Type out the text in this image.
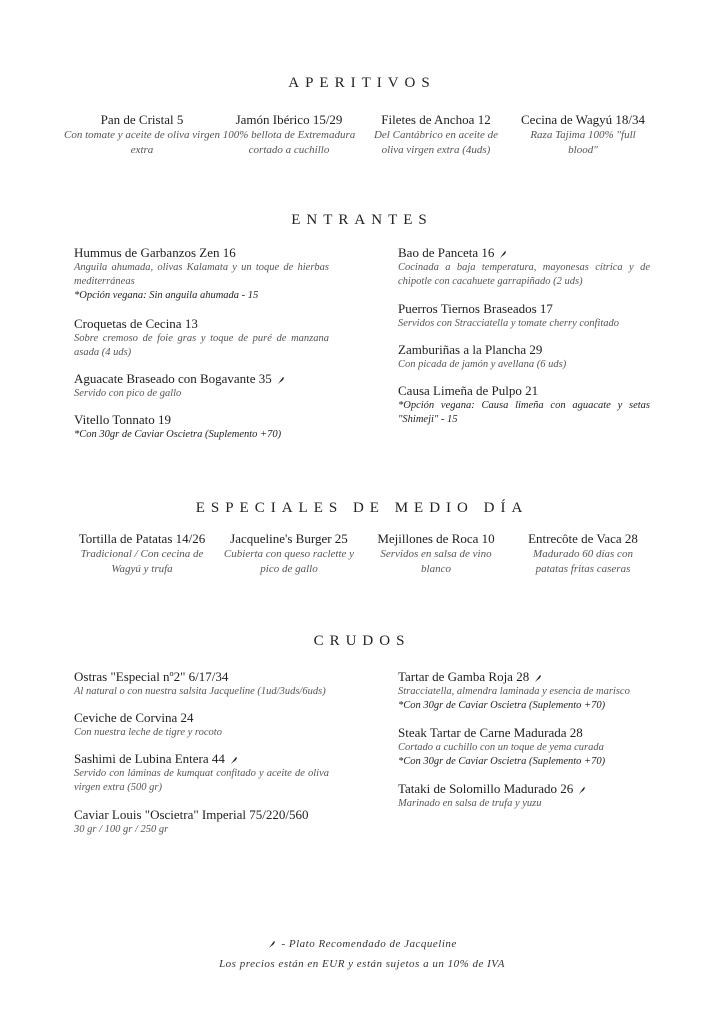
APERITIVOS
Pan de Cristal 5
Con tomate y aceite de oliva virgen extra
Jamón Ibérico 15/29
100% bellota de Extremadura cortado a cuchillo
Filetes de Anchoa 12
Del Cantábrico en aceite de oliva virgen extra (4uds)
Cecina de Wagyú 18/34
Raza Tajima 100% "full blood"
ENTRANTES
Hummus de Garbanzos Zen 16
Anguila ahumada, olivas Kalamata y un toque de hierbas mediterráneas
*Opción vegana: Sin anguila ahumada - 15
Croquetas de Cecina 13
Sobre cremoso de foie gras y toque de puré de manzana asada (4 uds)
Aguacate Braseado con Bogavante 35
Servido con pico de gallo
Vitello Tonnato 19
*Con 30gr de Caviar Oscietra (Suplemento +70)
Bao de Panceta 16
Cocinada a baja temperatura, mayonesas cítrica y de chipotle con cacahuete garrapiñado (2 uds)
Puerros Tiernos Braseados 17
Servidos con Stracciatella y tomate cherry confitado
Zamburiñas a la Plancha 29
Con picada de jamón y avellana (6 uds)
Causa Limeña de Pulpo 21
*Opción vegana: Causa limeña con aguacate y setas "Shimeji" - 15
ESPECIALES DE MEDIO DÍA
Tortilla de Patatas 14/26
Tradicional / Con cecina de Wagyú y trufa
Jacqueline's Burger 25
Cubierta con queso raclette y pico de gallo
Mejillones de Roca 10
Servidos en salsa de vino blanco
Entrecôte de Vaca 28
Madurado 60 días con patatas fritas caseras
CRUDOS
Ostras "Especial nº2" 6/17/34
Al natural o con nuestra salsita Jacqueline (1ud/3uds/6uds)
Ceviche de Corvina 24
Con nuestra leche de tigre y rocoto
Sashimi de Lubina Entera 44
Servido con láminas de kumquat confitado y aceite de oliva virgen extra (500 gr)
Caviar Louis "Oscietra" Imperial 75/220/560
30 gr / 100 gr / 250 gr
Tartar de Gamba Roja 28
Stracciatella, almendra laminada y esencia de marisco
*Con 30gr de Caviar Oscietra (Suplemento +70)
Steak Tartar de Carne Madurada 28
Cortado a cuchillo con un toque de yema curada
*Con 30gr de Caviar Oscietra (Suplemento +70)
Tataki de Solomillo Madurado 26
Marinado en salsa de trufa y yuzu
- Plato Recomendado de Jacqueline
Los precios están en EUR y están sujetos a un 10% de IVA
